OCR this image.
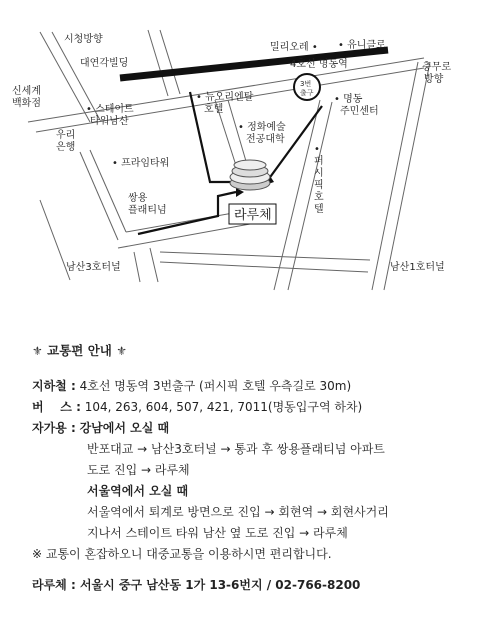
4호선 명동역
3번
출구
라루체
시청방향
대연각빌딩
신세계
백화점
우리
은행
• 스테이트
타워남산
• 프라임타워
쌍용
플래티넘
남산3호터널	남산1호터널
• 뉴오리엔탈
호텔
• 정화예술
전공대학
밀리오레 • • 유니클로
• 명동
주민센터
충무로
방향
•
퍼
시
픽
호
텔
⚜ 교통편 안내 ⚜
지하철 : 4호선 명동역 3번출구 (퍼시픽 호텔 우측길로 30m)
버    스 : 104, 263, 604, 507, 421, 7011(명동입구역 하차)
자가용 : 강남에서 오실 때
반포대교 → 남산3호터널 → 통과 후 쌍용플래티넘 아파트
도로 진입 → 라루체
서울역에서 오실 때
서울역에서 퇴계로 방면으로 진입 → 회현역 → 회현사거리
지나서 스테이트 타워 남산 옆 도로 진입 → 라루체
※ 교통이 혼잡하오니 대중교통을 이용하시면 편리합니다.
라루체 : 서울시 중구 남산동 1가 13-6번지 / 02-766-8200
